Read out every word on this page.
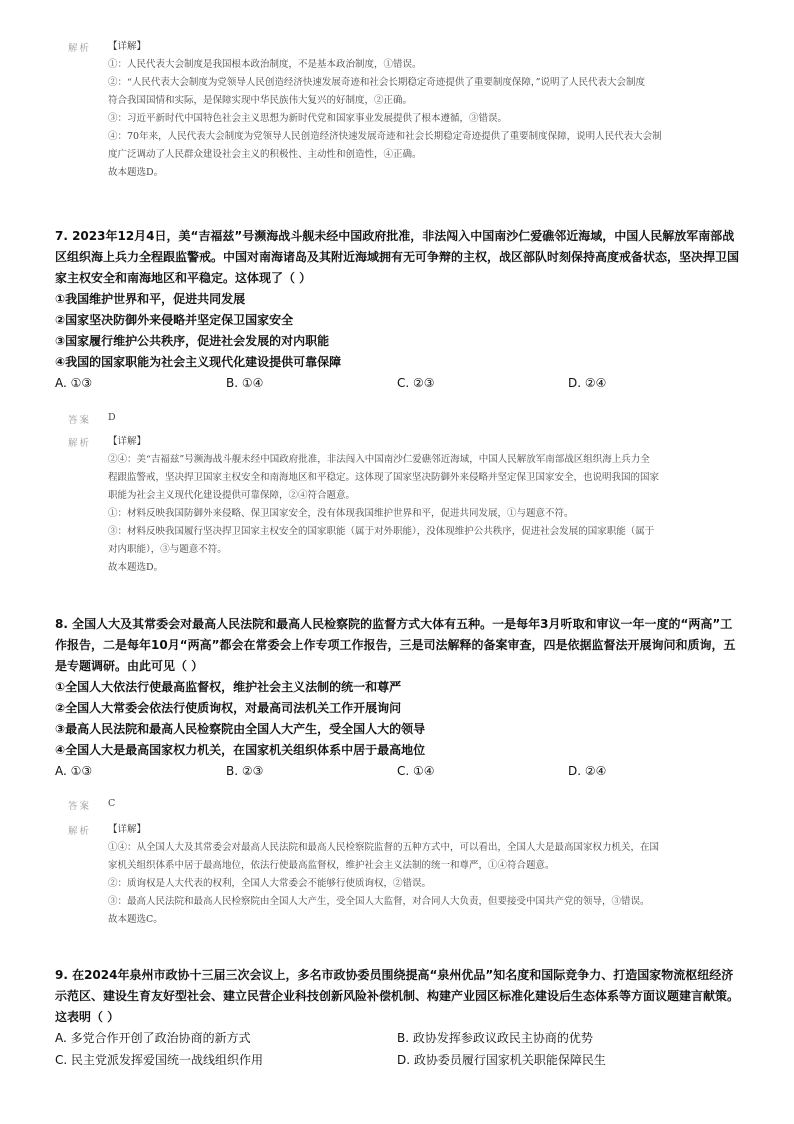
解析 【详解】

①：人民代表大会制度是我国根本政治制度，不是基本政治制度，①错误。

②：“人民代表大会制度为党领导人民创造经济快速发展奇迹和社会长期稳定奇迹提供了重要制度保障，”说明了人民代表大会制度

符合我国国情和实际，是保障实现中华民族伟大复兴的好制度，②正确。

③：习近平新时代中国特色社会主义思想为新时代党和国家事业发展提供了根本遵循，③错误。

④：70年来，人民代表大会制度为党领导人民创造经济快速发展奇迹和社会长期稳定奇迹提供了重要制度保障，说明人民代表大会制

度广泛调动了人民群众建设社会主义的积极性、主动性和创造性，④正确。

故本题选D。

7. 2023年12月4日，美“吉福兹”号濒海战斗舰未经中国政府批准，非法闯入中国南沙仁爱礁邻近海域，中国人民解放军南部战

区组织海上兵力全程跟监警戒。中国对南海诸岛及其附近海域拥有无可争辩的主权，战区部队时刻保持高度戒备状态，坚决捍卫国

家主权安全和南海地区和平稳定。这体现了（ ）

①我国维护世界和平，促进共同发展

②国家坚决防御外来侵略并坚定保卫国家安全

③国家履行维护公共秩序，促进社会发展的对内职能

④我国的国家职能为社会主义现代化建设提供可靠保障

A. ①③	B. ①④	C. ②③	D. ②④
答案 D
解析 【详解】

②④：美“吉福兹”号濒海战斗舰未经中国政府批准，非法闯入中国南沙仁爱礁邻近海域，中国人民解放军南部战区组织海上兵力全

程跟监警戒，坚决捍卫国家主权安全和南海地区和平稳定。这体现了国家坚决防御外来侵略并坚定保卫国家安全，也说明我国的国家

职能为社会主义现代化建设提供可靠保障，②④符合题意。

①：材料反映我国防御外来侵略、保卫国家安全，没有体现我国维护世界和平，促进共同发展，①与题意不符。

③：材料反映我国履行坚决捍卫国家主权安全的国家职能（属于对外职能），没体现维护公共秩序，促进社会发展的国家职能（属于

对内职能），③与题意不符。

故本题选D。

8. 全国人大及其常委会对最高人民法院和最高人民检察院的监督方式大体有五种。一是每年3月听取和审议一年一度的“两高”工

作报告，二是每年10月“两高”都会在常委会上作专项工作报告，三是司法解释的备案审查，四是依据监督法开展询问和质询，五

是专题调研。由此可见（ ）

①全国人大依法行使最高监督权，维护社会主义法制的统一和尊严

②全国人大常委会依法行使质询权，对最高司法机关工作开展询问

③最高人民法院和最高人民检察院由全国人大产生，受全国人大的领导

④全国人大是最高国家权力机关，在国家机关组织体系中居于最高地位

A. ①③	B. ②③	C. ①④	D. ②④
答案 C
解析 【详解】

①④：从全国人大及其常委会对最高人民法院和最高人民检察院监督的五种方式中，可以看出，全国人大是最高国家权力机关，在国

家机关组织体系中居于最高地位，依法行使最高监督权，维护社会主义法制的统一和尊严，①④符合题意。

②：质询权是人大代表的权利，全国人大常委会不能够行使质询权，②错误。

③：最高人民法院和最高人民检察院由全国人大产生，受全国人大监督，对合同人大负责，但要接受中国共产党的领导，③错误。

故本题选C。

9. 在2024年泉州市政协十三届三次会议上，多名市政协委员围绕提高“泉州优品”知名度和国际竞争力、打造国家物流枢纽经济

示范区、建设生育友好型社会、建立民营企业科技创新风险补偿机制、构建产业园区标准化建设后生态体系等方面议题建言献策。

这表明（ ）

A. 多党合作开创了政治协商的新方式	B. 政协发挥参政议政民主协商的优势
C. 民主党派发挥爱国统一战线组织作用	D. 政协委员履行国家机关职能保障民生
